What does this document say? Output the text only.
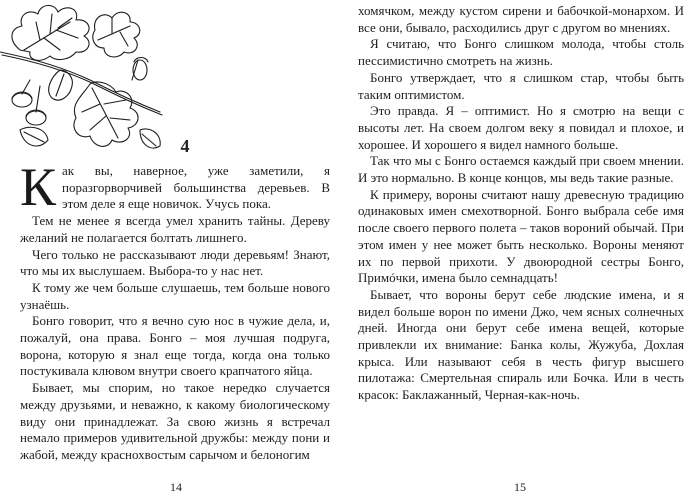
4

Как вы, наверное, уже заметили, я поразгорворчивей большинства деревьев. В этом деле я еще новичок. Учусь пока.

Тем не менее я всегда умел хранить тайны. Дереву желаний не полагается болтать лишнего.

Чего только не рассказывают люди деревьям! Знают, что мы их выслушаем. Выбора-то у нас нет.

К тому же чем больше слушаешь, тем больше нового узнаёшь.

Бонго говорит, что я вечно сую нос в чужие дела, и, пожалуй, она права. Бонго – моя лучшая подруга, ворона, которую я знал еще тогда, когда она только постукивала клювом внутри своего крапчатого яйца.

Бывает, мы спорим, но такое нередко случается между друзьями, и неважно, к какому биологическому виду они принадлежат. За свою жизнь я встречал немало примеров удивительной дружбы: между пони и жабой, между краснохвостым сарычом и белоногим

14

хомячком, между кустом сирени и бабочкой-монархом. И все они, бывало, расходились друг с другом во мнениях.

Я считаю, что Бонго слишком молода, чтобы столь пессимистично смотреть на жизнь.

Бонго утверждает, что я слишком стар, чтобы быть таким оптимистом.

Это правда. Я – оптимист. Но я смотрю на вещи с высоты лет. На своем долгом веку я повидал и плохое, и хорошее. И хорошего я видел намного больше.

Так что мы с Бонго остаемся каждый при своем мнении. И это нормально. В конце концов, мы ведь такие разные.

К примеру, вороны считают нашу древесную традицию одинаковых имен смехотворной. Бонго выбрала себе имя после своего первого полета – таков вороний обычай. При этом имен у нее может быть несколько. Вороны меняют их по первой прихоти. У двоюродной сестры Бонго, Примóчки, имена было семнадцать!

Бывает, что вороны берут себе людские имена, и я видел больше ворон по имени Джо, чем ясных солнечных дней. Иногда они берут себе имена вещей, которые привлекли их внимание: Банка колы, Жужуба, Дохлая крыса. Или называют себя в честь фигур высшего пилотажа: Смертельная спираль или Бочка. Или в честь красок: Баклажанный, Черная-как-ночь.

15
